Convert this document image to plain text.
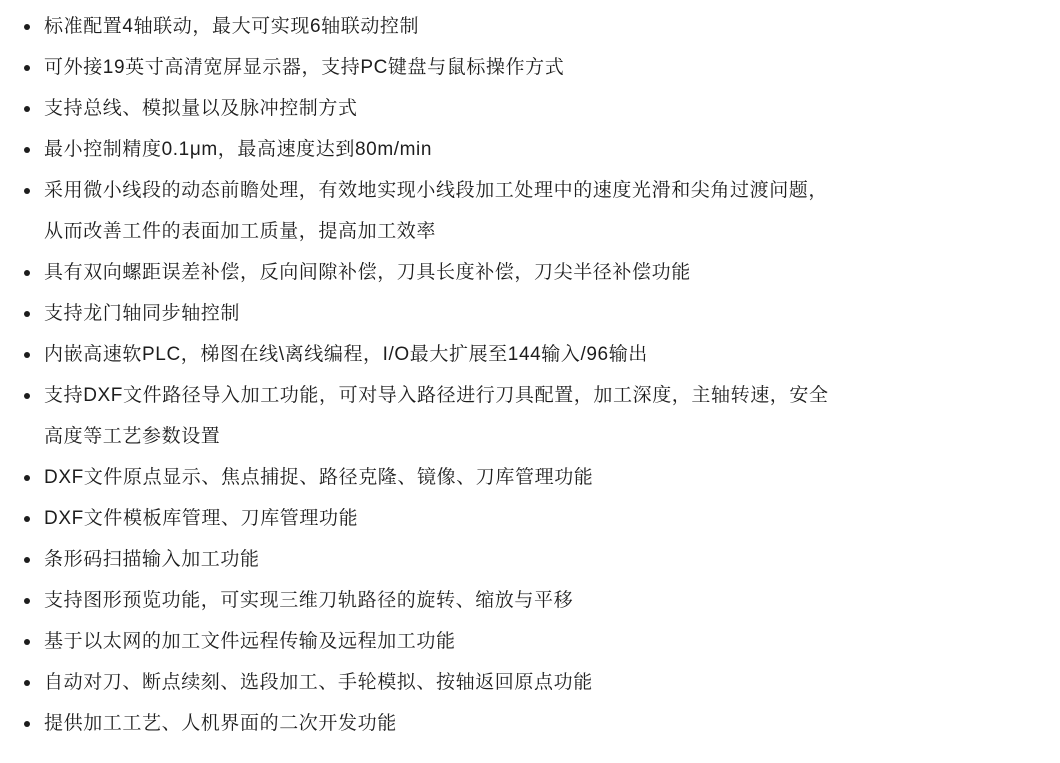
标准配置4轴联动，最大可实现6轴联动控制
可外接19英寸高清宽屏显示器，支持PC键盘与鼠标操作方式
支持总线、模拟量以及脉冲控制方式
最小控制精度0.1μm，最高速度达到80m/min
采用微小线段的动态前瞻处理，有效地实现小线段加工处理中的速度光滑和尖角过渡问题，
从而改善工件的表面加工质量，提高加工效率
具有双向螺距误差补偿，反向间隙补偿，刀具长度补偿，刀尖半径补偿功能
支持龙门轴同步轴控制
内嵌高速软PLC，梯图在线\离线编程，I/O最大扩展至144输入/96输出
支持DXF文件路径导入加工功能，可对导入路径进行刀具配置，加工深度，主轴转速，安全
高度等工艺参数设置
DXF文件原点显示、焦点捕捉、路径克隆、镜像、刀库管理功能
DXF文件模板库管理、刀库管理功能
条形码扫描输入加工功能
支持图形预览功能，可实现三维刀轨路径的旋转、缩放与平移
基于以太网的加工文件远程传输及远程加工功能
自动对刀、断点续刻、选段加工、手轮模拟、按轴返回原点功能
提供加工工艺、人机界面的二次开发功能
